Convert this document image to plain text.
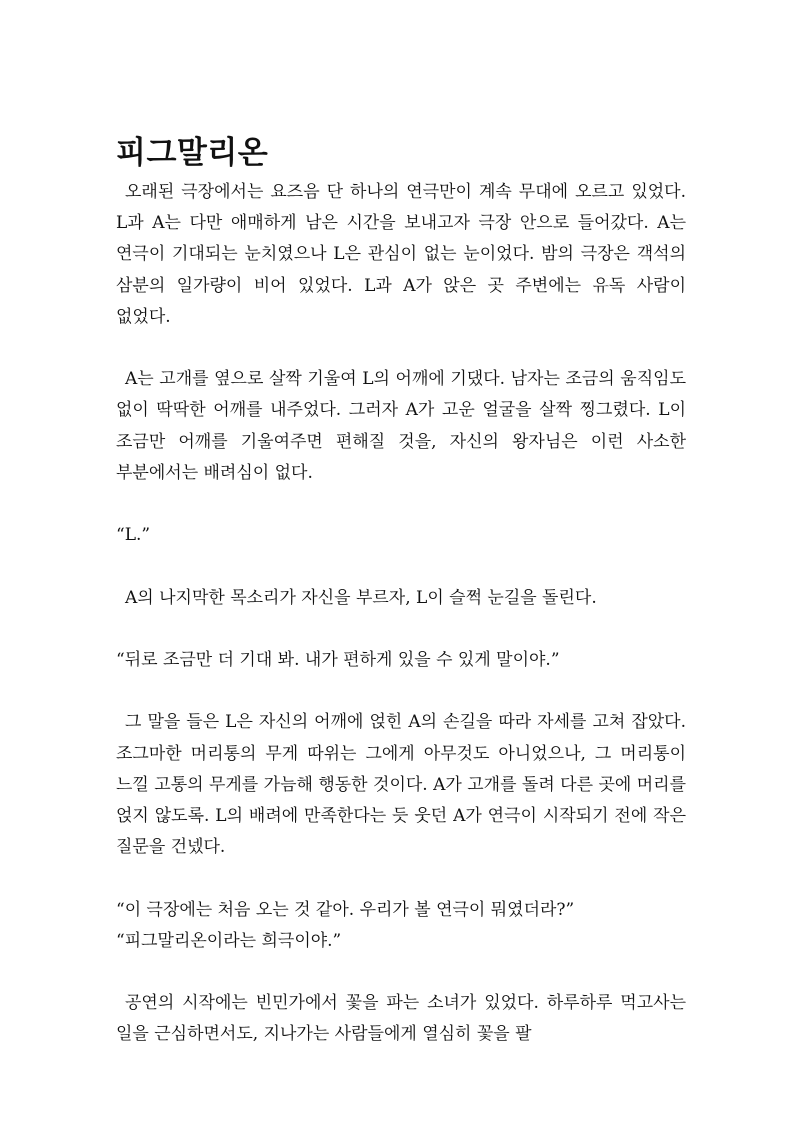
피그말리온

오래된 극장에서는 요즈음 단 하나의 연극만이 계속 무대에 오르고 있었다. L과 A는 다만 애매하게 남은 시간을 보내고자 극장 안으로 들어갔다. A는 연극이 기대되는 눈치였으나 L은 관심이 없는 눈이었다. 밤의 극장은 객석의 삼분의 일가량이 비어 있었다. L과 A가 앉은 곳 주변에는 유독 사람이 없었다.

A는 고개를 옆으로 살짝 기울여 L의 어깨에 기댔다. 남자는 조금의 움직임도 없이 딱딱한 어깨를 내주었다. 그러자 A가 고운 얼굴을 살짝 찡그렸다. L이 조금만 어깨를 기울여주면 편해질 것을, 자신의 왕자님은 이런 사소한 부분에서는 배려심이 없다.

“L.”

A의 나지막한 목소리가 자신을 부르자, L이 슬쩍 눈길을 돌린다.

“뒤로 조금만 더 기대 봐. 내가 편하게 있을 수 있게 말이야.”

그 말을 들은 L은 자신의 어깨에 얹힌 A의 손길을 따라 자세를 고쳐 잡았다. 조그마한 머리통의 무게 따위는 그에게 아무것도 아니었으나, 그 머리통이 느낄 고통의 무게를 가늠해 행동한 것이다. A가 고개를 돌려 다른 곳에 머리를 얹지 않도록. L의 배려에 만족한다는 듯 웃던 A가 연극이 시작되기 전에 작은 질문을 건넸다.

“이 극장에는 처음 오는 것 같아. 우리가 볼 연극이 뭐였더라?”

“피그말리온이라는 희극이야.”

공연의 시작에는 빈민가에서 꽃을 파는 소녀가 있었다. 하루하루 먹고사는 일을 근심하면서도, 지나가는 사람들에게 열심히 꽃을 팔
